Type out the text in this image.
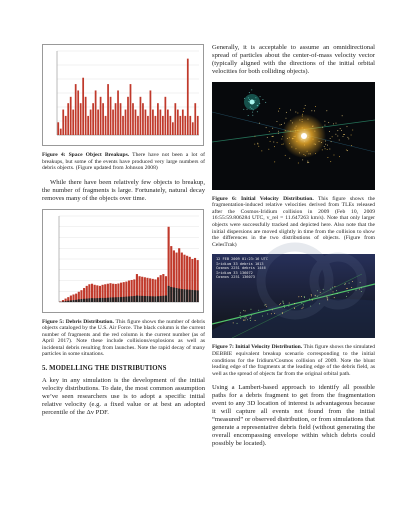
Figure 4: Space Object Breakups. There have not been a lot of breakups, but some of the events have produced very large numbers of debris objects. (Figure updated from Johnson 2008)

While there have been relatively few objects to breakup, the number of fragments is large. Fortunately, natural decay removes many of the objects over time.

Figure 5: Debris Distribution. This figure shows the number of debris objects cataloged by the U.S. Air Force. The black column is the current number of fragments and the red column is the current number (as of April 2017). Note these include collisions/explosions as well as incidental debris resulting from launches. Note the rapid decay of many particles in some situations.

5. MODELLING THE DISTRIBUTIONS

A key in any simulation is the development of the initial velocity distributions. To date, the most common assumption we’ve seen researchers use is to adopt a specific initial relative velocity (e.g. a fixed value or at best an adopted percentile of the Δv PDF.

Generally, it is acceptable to assume an omnidirectional spread of particles about the center-of-mass velocity vector (typically aligned with the directions of the initial orbital velocities for both colliding objects).

Figure 6: Initial Velocity Distribution. This figure shows the fragmentation-induced relative velocities derived from TLEs released after the Cosmos-Iridium collision in 2009 (Feb 10, 2009 16:55:59.806284 UTC, v_rel = 11.647263 km/s). Note that only larger objects were successfully tracked and depicted here. Also note that the initial dispersions are moved slightly in time from the collision to show the differences in the two distributions of objects. (Figure from CelesTrak)

12 FEB 2009 01:23:16 UTC
Iridium 33 debris 1013
Cosmos 2251 debris 1446
Iridium 33 136072
Cosmos 2251 136073

Figure 7: Initial Velocity Distribution. This figure shows the simulated DEBBIE equivalent breakup scenario corresponding to the initial conditions for the Iridium/Cosmos collision of 2009. Note the blunt leading edge of the fragments at the leading edge of the debris field, as well as the spread of objects far from the original orbital path.

Using a Lambert-based approach to identify all possible paths for a debris fragment to get from the fragmentation event to any 3D location of interest is advantageous because it will capture all events not found from the initial “measured” or observed distribution, or from simulations that generate a representative debris field (without generating the overall encompassing envelope within which debris could possibly be located).
